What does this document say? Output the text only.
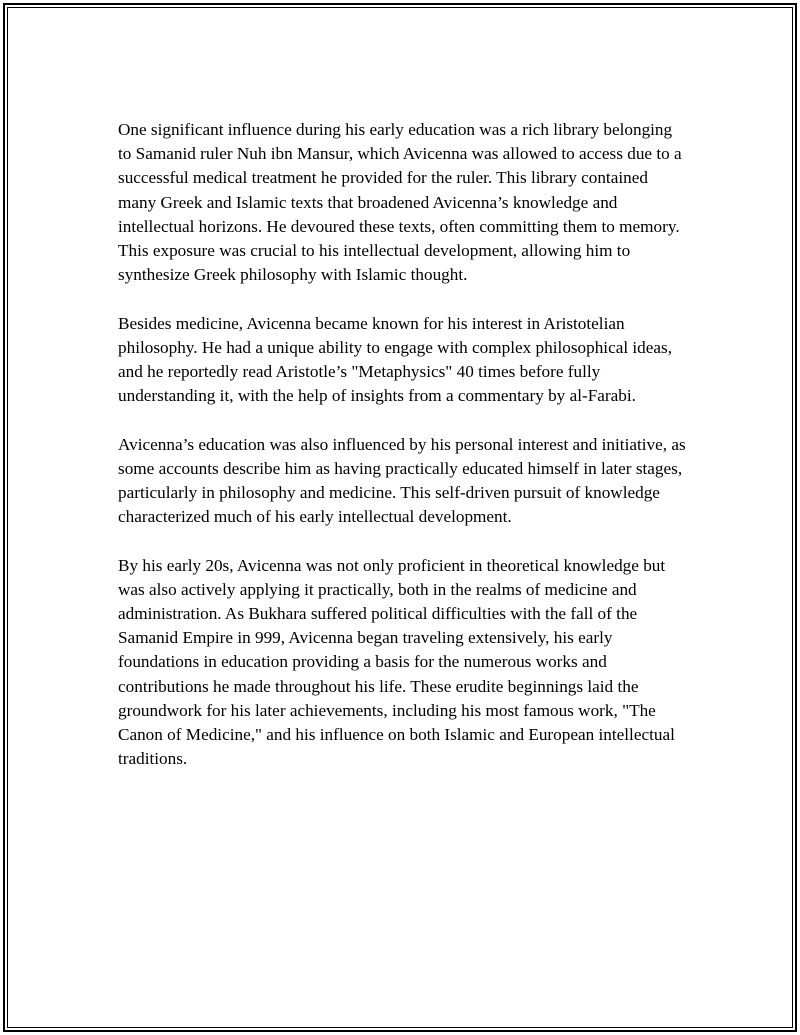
One significant influence during his early education was a rich library belonging to Samanid ruler Nuh ibn Mansur, which Avicenna was allowed to access due to a successful medical treatment he provided for the ruler. This library contained many Greek and Islamic texts that broadened Avicenna’s knowledge and intellectual horizons. He devoured these texts, often committing them to memory. This exposure was crucial to his intellectual development, allowing him to synthesize Greek philosophy with Islamic thought.

Besides medicine, Avicenna became known for his interest in Aristotelian philosophy. He had a unique ability to engage with complex philosophical ideas, and he reportedly read Aristotle’s "Metaphysics" 40 times before fully understanding it, with the help of insights from a commentary by al-Farabi.

Avicenna’s education was also influenced by his personal interest and initiative, as some accounts describe him as having practically educated himself in later stages, particularly in philosophy and medicine. This self-driven pursuit of knowledge characterized much of his early intellectual development.

By his early 20s, Avicenna was not only proficient in theoretical knowledge but was also actively applying it practically, both in the realms of medicine and administration. As Bukhara suffered political difficulties with the fall of the Samanid Empire in 999, Avicenna began traveling extensively, his early foundations in education providing a basis for the numerous works and contributions he made throughout his life. These erudite beginnings laid the groundwork for his later achievements, including his most famous work, "The Canon of Medicine," and his influence on both Islamic and European intellectual traditions.
